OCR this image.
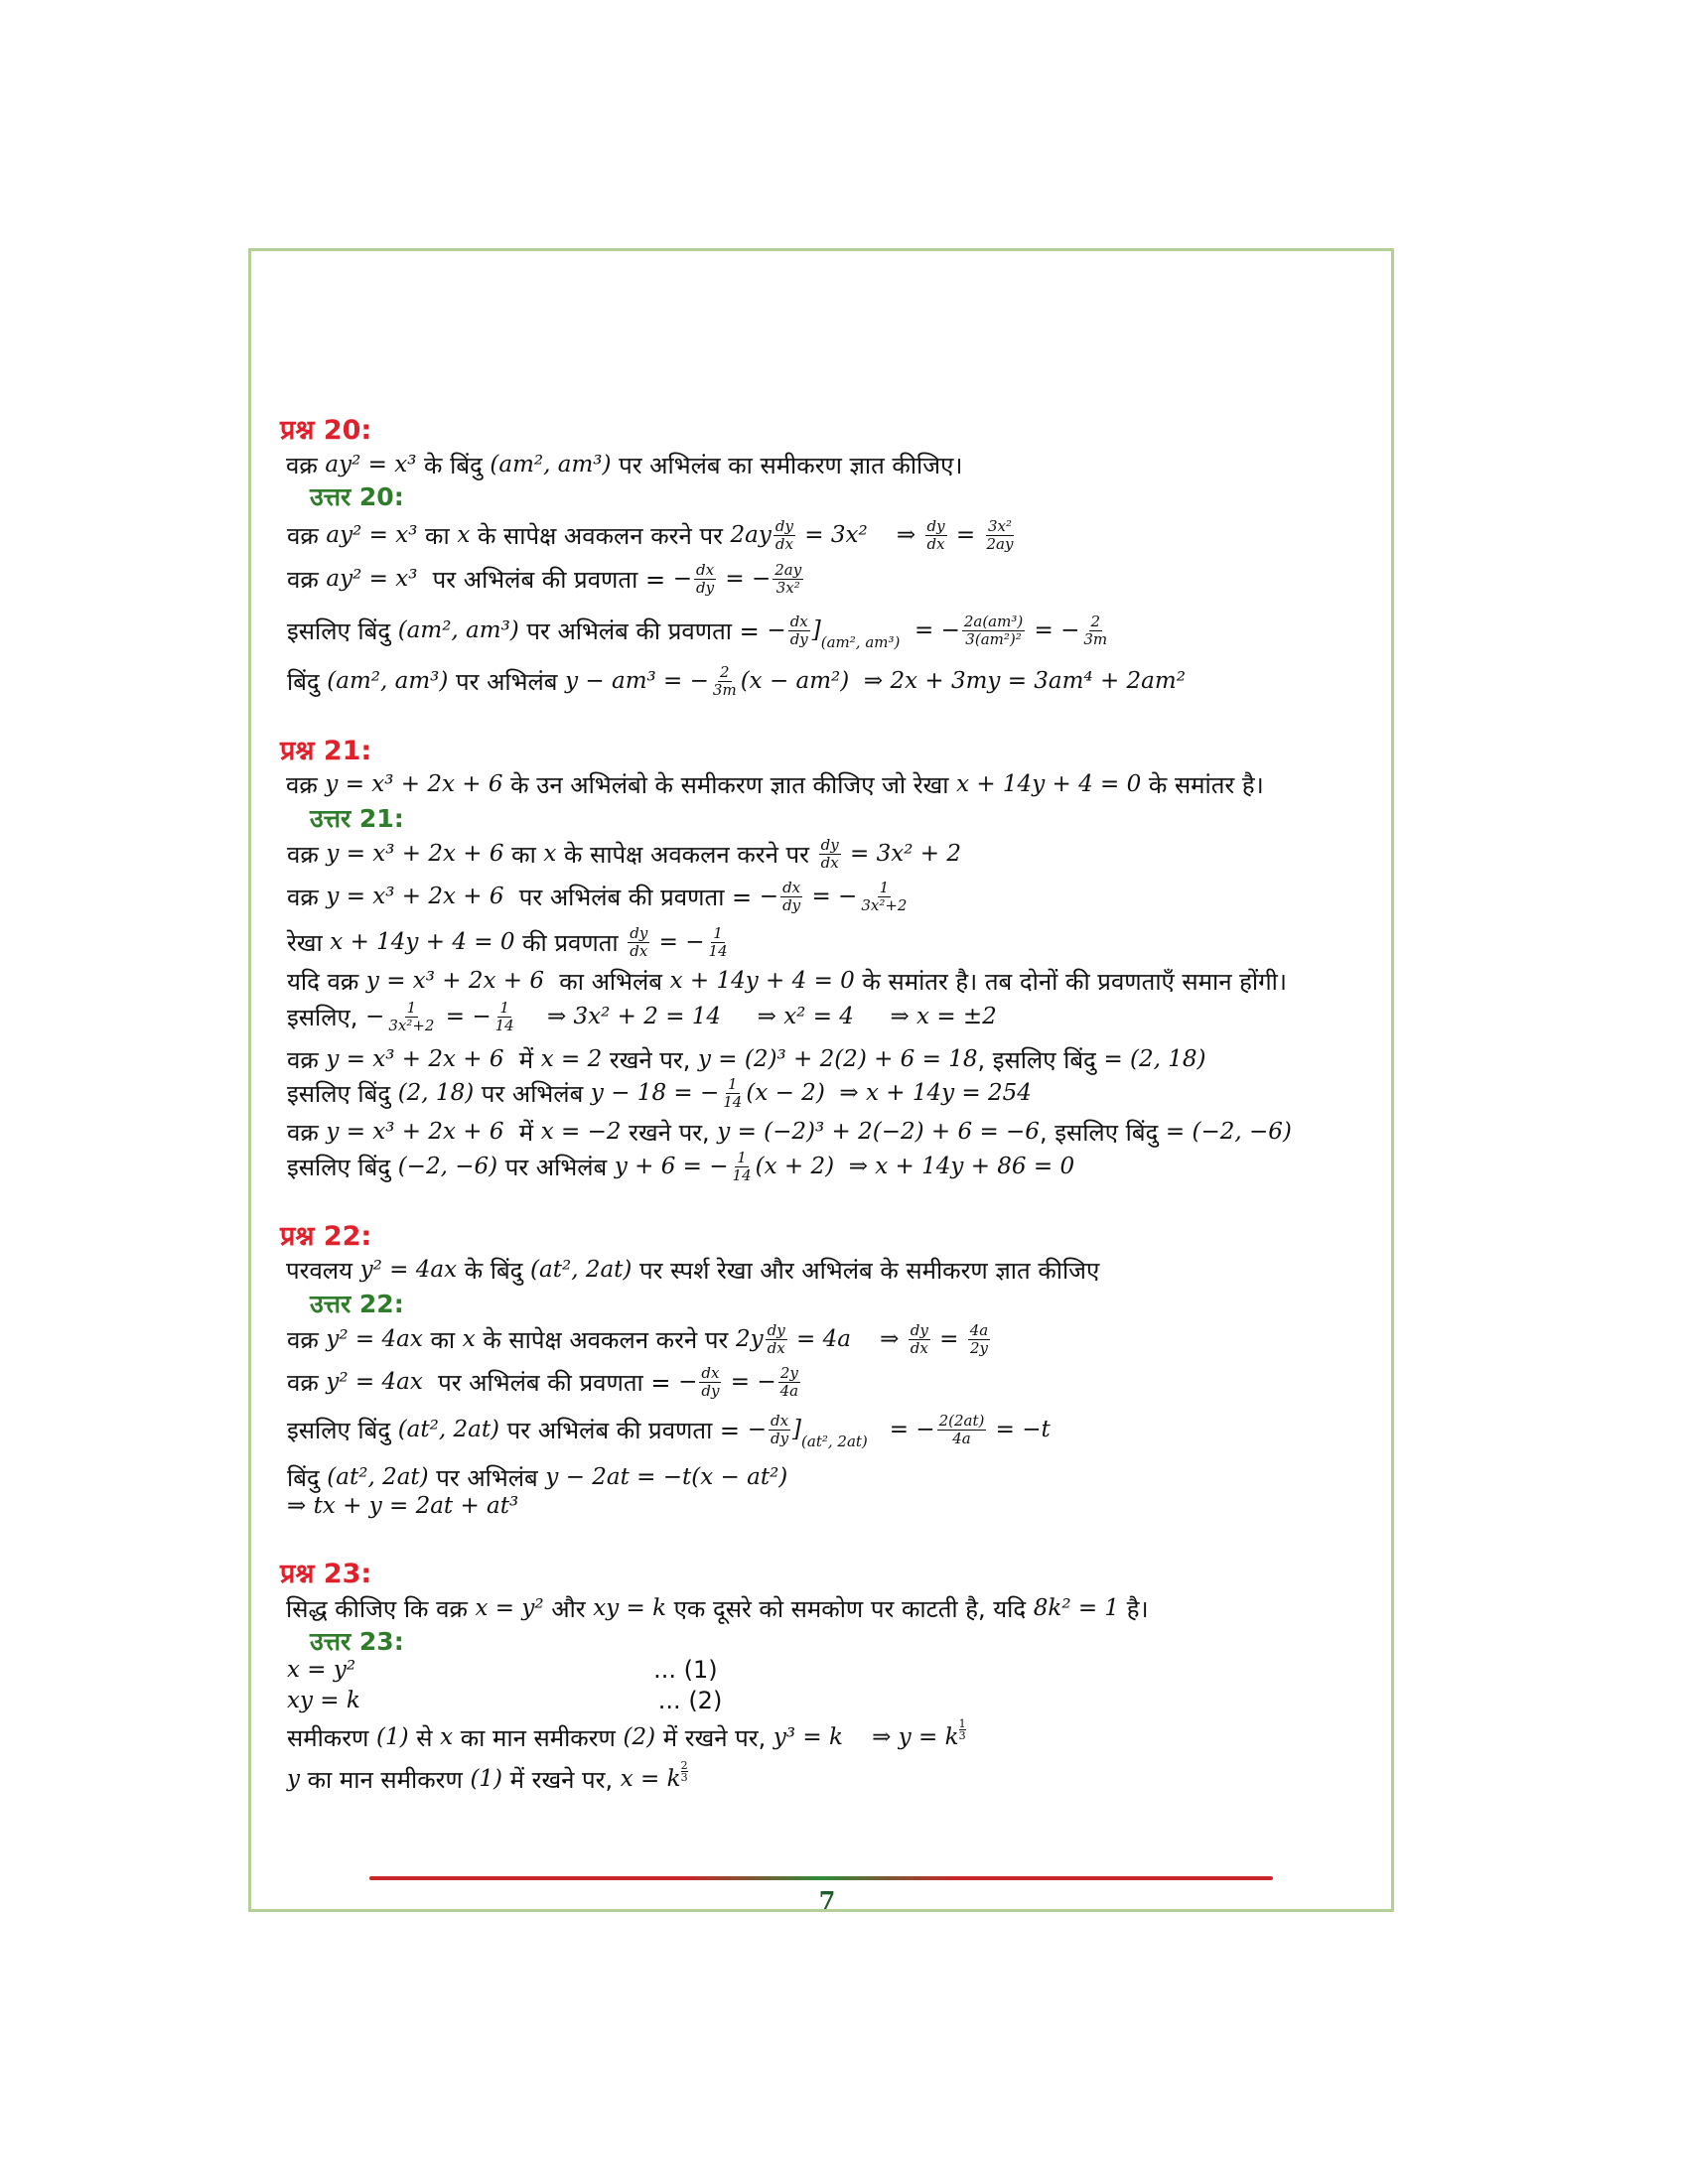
प्रश्न 20:
वक्र ay² = x³ के बिंदु (am², am³) पर अभिलंब का समीकरण ज्ञात कीजिए।
उत्तर 20:
वक्र ay² = x³ का x के सापेक्ष अवकलन करने पर $2ay \frac{dy}{dx} = 3x^2$    ⇒ $\frac{dy}{dx} = \frac{\text{3x²}}{2ay}$
वक्र ay² = x³ पर अभिलंब की प्रवणता = − $\frac{dx}{dy}$ = − $\frac{2ay}{\text{3x²}}$
इसलिए बिंदु (am², am³) पर अभिलंब की प्रवणता = − $\frac{dx}{dy}$ ] (am², am³) = − $\frac{\text{2a(am³)}}{\text{3(am²)²}}$ = − $\frac{2}{3m}$
बिंदु (am², am³) पर अभिलंब y − am³ = − $\frac{2}{3m} (x - am^2)$  ⇒ 2x + 3my = 3am⁴ + 2am²
प्रश्न 21:
वक्र y = x³ + 2x + 6 के उन अभिलंबो के समीकरण ज्ञात कीजिए जो रेखा x + 14y + 4 = 0 के समांतर है।
उत्तर 21:
वक्र y = x³ + 2x + 6 का x के सापेक्ष अवकलन करने पर $\frac{dy}{dx} = 3x^2 + 2$
वक्र y = x³ + 2x + 6 पर अभिलंब की प्रवणता = − $\frac{dx}{dy}$ = − $\frac{1}{\text{3x²+2}}$
रेखा x + 14y + 4 = 0 की प्रवणता $\frac{dy}{dx}$ = − $\frac{1}{14}$
यदि वक्र y = x³ + 2x + 6 का अभिलंब x + 14y + 4 = 0 के समांतर है। तब दोनों की प्रवणताएँ समान होंगी।
इसलिए, − $\frac{1}{\text{3x²+2}}$ = − $\frac{1}{14}$ ⇒ 3x² + 2 = 14     ⇒ x² = 4     ⇒ x = ±2
वक्र y = x³ + 2x + 6 में x = 2 रखने पर, y = (2)³ + 2(2) + 6 = 18 , इसलिए बिंदु = (2, 18)
इसलिए बिंदु (2, 18) पर अभिलंब y − 18 = − $\frac{1}{14} (x - 2)$  ⇒ x + 14y = 254
वक्र y = x³ + 2x + 6 में x = −2 रखने पर, y = (−2)³ + 2(−2) + 6 = −6 , इसलिए बिंदु = (−2, −6)
इसलिए बिंदु (−2, −6) पर अभिलंब y + 6 = − $\frac{1}{14} (x + 2)$  ⇒ x + 14y + 86 = 0
प्रश्न 22:
परवलय y² = 4ax के बिंदु (at², 2at) पर स्पर्श रेखा और अभिलंब के समीकरण ज्ञात कीजिए
उत्तर 22:
वक्र y² = 4ax का x के सापेक्ष अवकलन करने पर $2y \frac{dy}{dx} = 4a$    ⇒ $\frac{dy}{dx} = \frac{4a}{2y}$
वक्र y² = 4ax पर अभिलंब की प्रवणता = − $\frac{dx}{dy}$ = − $\frac{2y}{4a}$
इसलिए बिंदु (at², 2at) पर अभिलंब की प्रवणता = − $\frac{dx}{dy}$ ] (at², 2at) = − $\frac{2(2at)}{4a} = -t$
बिंदु (at², 2at) पर अभिलंब y − 2at = −t(x − at²)
⇒ tx + y = 2at + at³
प्रश्न 23:
सिद्ध कीजिए कि वक्र x = y² और xy = k एक दूसरे को समकोण पर काटती है, यदि 8k² = 1 है।
उत्तर 23:
x = y²	... (1)
xy = k	... (2)
समीकरण (1) से x का मान समीकरण (2) में रखने पर, y³ = k    ⇒ y = k $\frac{1}{3}$
y का मान समीकरण (1) में रखने पर, x = k $\frac{2}{3}$
7
